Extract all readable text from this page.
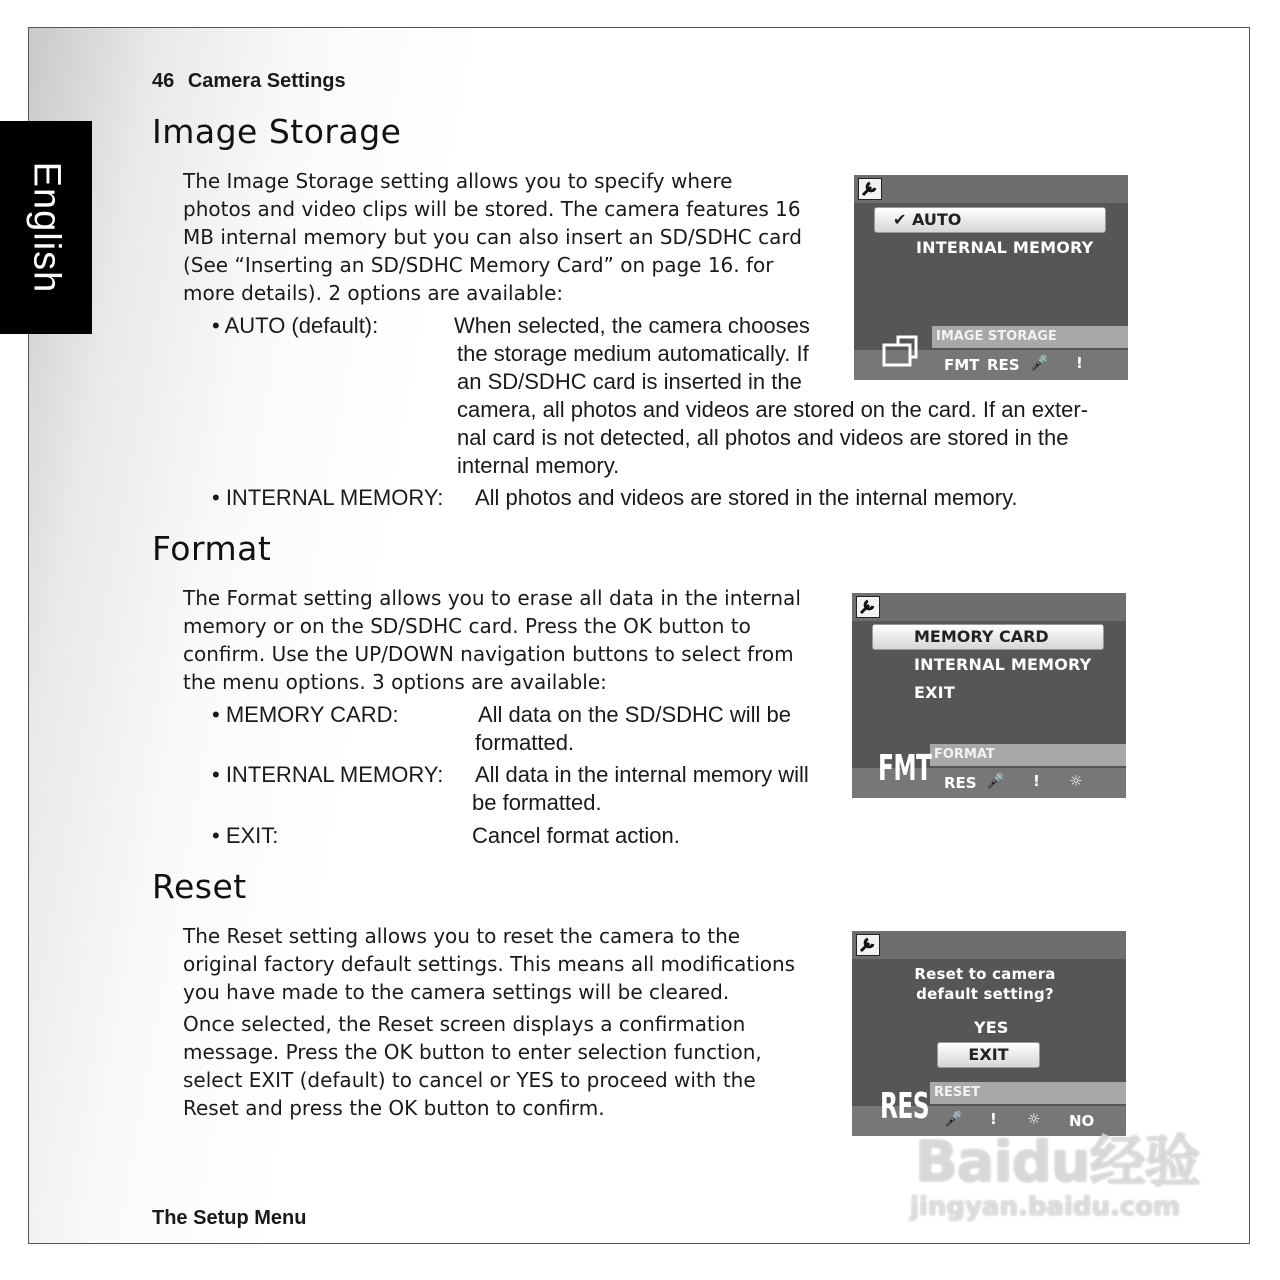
English
46 Camera Settings
Image Storage

The Image Storage setting allows you to specify where

photos and video clips will be stored. The camera features 16

MB internal memory but you can also insert an SD/SDHC card

(See “Inserting an SD/SDHC Memory Card” on page 16. for

more details). 2 options are available:

• AUTO (default):	When selected, the camera chooses

the storage medium automatically. If

an SD/SDHC card is inserted in the

camera, all photos and videos are stored on the card. If an exter-

nal card is not detected, all photos and videos are stored in the

internal memory.

• INTERNAL MEMORY: All photos and videos are stored in the internal memory.

✔ AUTO
INTERNAL MEMORY
IMAGE STORAGE
FMT RES 🎤 !
Format

The Format setting allows you to erase all data in the internal

memory or on the SD/SDHC card. Press the OK button to

confirm. Use the UP/DOWN navigation buttons to select from

the menu options. 3 options are available:

• MEMORY CARD:	All data on the SD/SDHC will be

formatted.

• INTERNAL MEMORY: All data in the internal memory will

be formatted.

• EXIT:	Cancel format action.

MEMORY CARD
INTERNAL MEMORY
EXIT
FORMAT
FMT RES 🎤 ! ☼
Reset

The Reset setting allows you to reset the camera to the

original factory default settings. This means all modifications

you have made to the camera settings will be cleared.

Once selected, the Reset screen displays a confirmation

message. Press the OK button to enter selection function,

select EXIT (default) to cancel or YES to proceed with the

Reset and press the OK button to confirm.

Reset to camera
default setting?
YES
EXIT
RESET
RES 🎤 ! ☼ NO
The Setup Menu
Baidu经验
jingyan.baidu.com
